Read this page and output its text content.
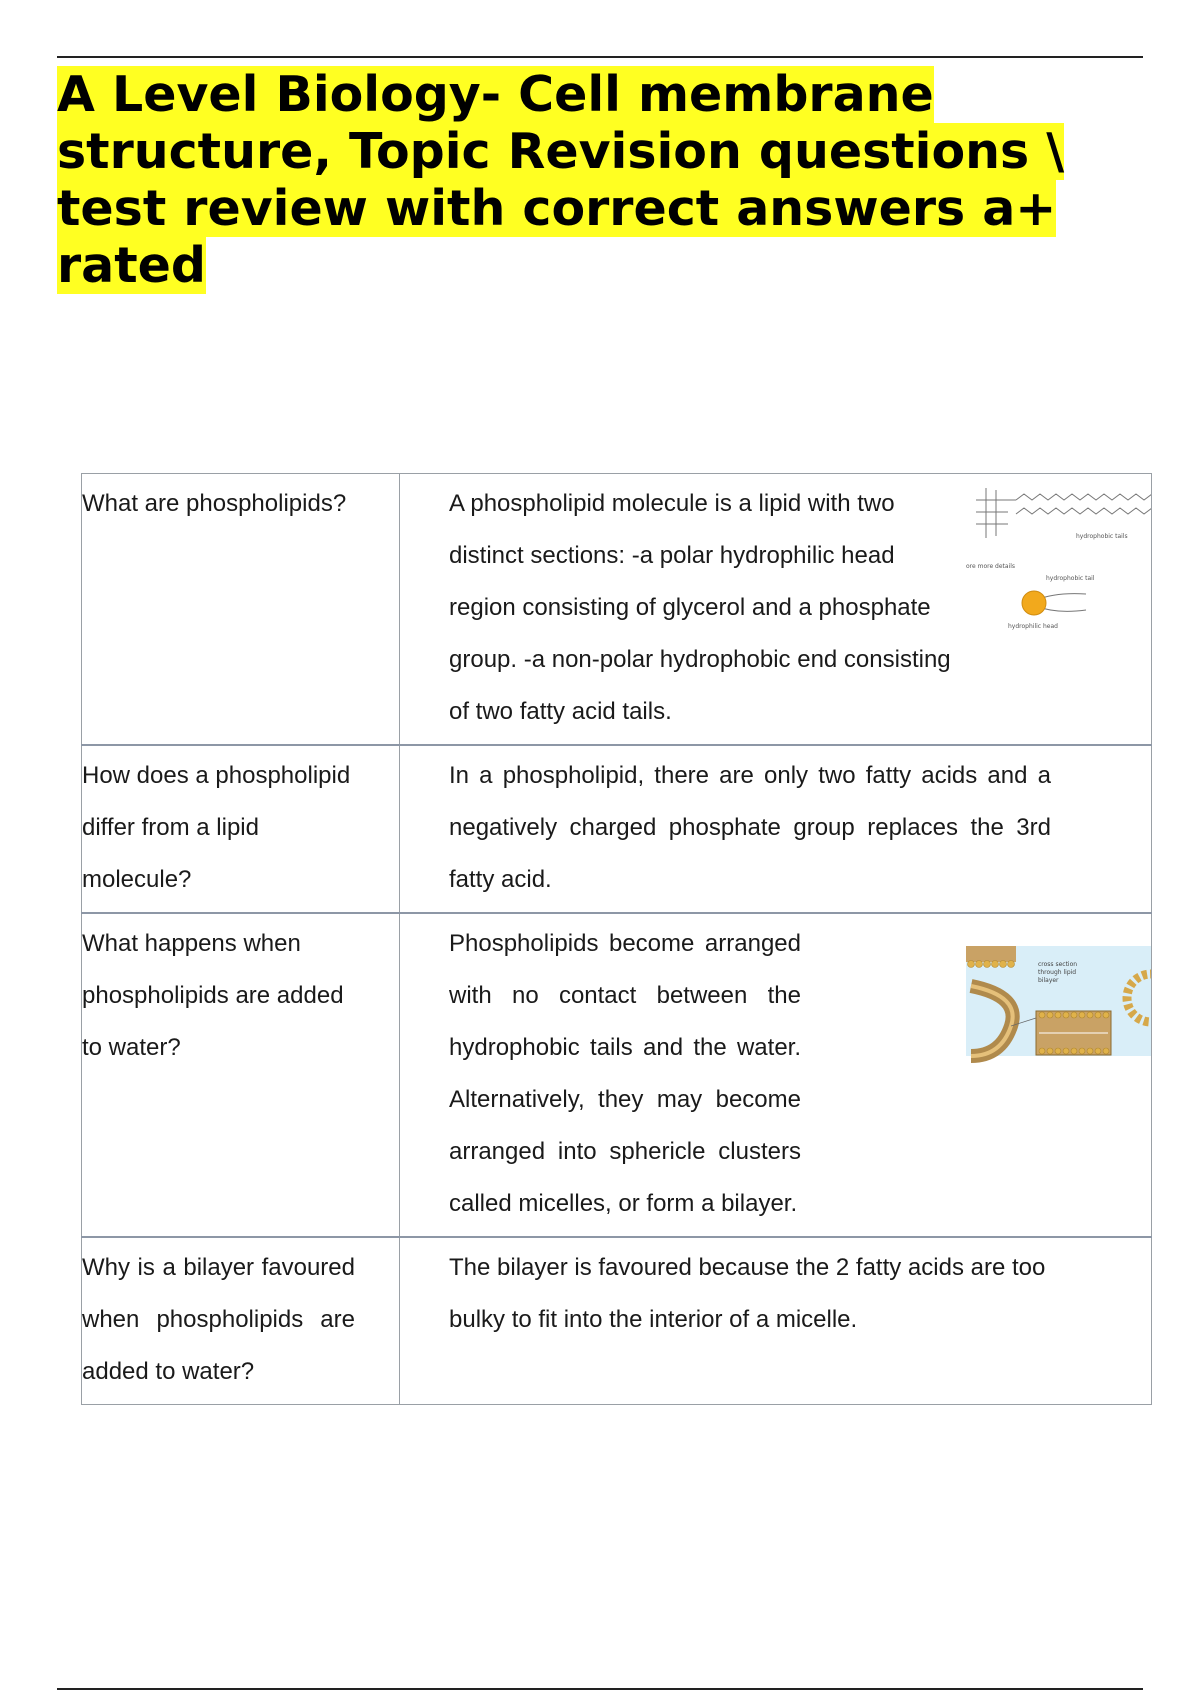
A Level Biology- Cell membrane structure, Topic Revision questions \ test review with correct answers a+ rated
What are phospholipids?	hydrophobic tails
ore more details
hydrophobic tail
hydrophilic head
A phospholipid molecule is a lipid with two distinct sections: -a polar hydrophilic head region consisting of glycerol and a phosphate group. -a non-polar hydrophobic end consisting of two fatty acid tails.

How does a phospholipid differ from a lipid molecule?	In a phospholipid, there are only two fatty acids and a negatively charged phosphate group replaces the 3rd fatty acid.

What happens when phospholipids are added to water?	cross section
through lipid
bilayer
Phospholipids become arranged with no contact between the hydrophobic tails and the water. Alternatively, they may become arranged into sphericle clusters called micelles, or form a bilayer.

Why is a bilayer favoured when phospholipids are added to water?	The bilayer is favoured because the 2 fatty acids are too bulky to fit into the interior of a micelle.
